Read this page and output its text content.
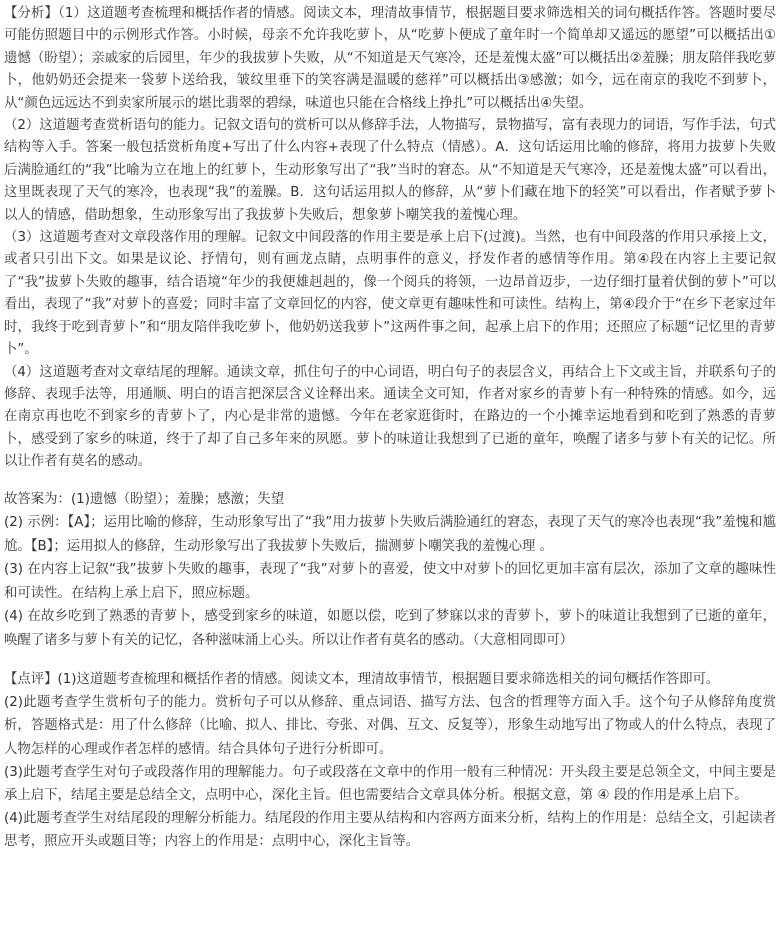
【分析】（1）这道题考查梳理和概括作者的情感。阅读文本，理清故事情节，根据题目要求筛选相关的词句概括作答。答题时要尽可能仿照题目中的示例形式作答。小时候，母亲不允许我吃萝卜，从“吃萝卜便成了童年时一个简单却又遥远的愿望”可以概括出①遗憾（盼望）；亲戚家的后园里，年少的我拔萝卜失败，从“不知道是天气寒冷，还是羞愧太盛”可以概括出②羞臊；朋友陪伴我吃萝卜，他奶奶还会提来一袋萝卜送给我，皱纹里垂下的笑容满是温暖的慈祥”可以概括出③感激；如今，远在南京的我吃不到萝卜，从“颜色远远达不到卖家所展示的堪比翡翠的碧绿，味道也只能在合格线上挣扎”可以概括出④失望。

（2）这道题考查赏析语句的能力。记叙文语句的赏析可以从修辞手法，人物描写，景物描写，富有表现力的词语，写作手法，句式结构等入手。答案一般包括赏析角度+写出了什么内容+表现了什么特点（情感）。A．这句话运用比喻的修辞，将用力拔萝卜失败后满脸通红的“我”比喻为立在地上的红萝卜，生动形象写出了“我”当时的窘态。从“不知道是天气寒冷，还是羞愧太盛”可以看出，这里既表现了天气的寒冷，也表现“我”的羞臊。B．这句话运用拟人的修辞，从“萝卜们藏在地下的轻笑”可以看出，作者赋予萝卜以人的情感，借助想象，生动形象写出了我拔萝卜失败后，想象萝卜嘲笑我的羞愧心理。

（3）这道题考查对文章段落作用的理解。记叙文中间段落的作用主要是承上启下(过渡)。当然，也有中间段落的作用只承接上文，或者只引出下文。如果是议论、抒情句，则有画龙点睛，点明事件的意义，抒发作者的感情等作用。第④段在内容上主要记叙了“我”拔萝卜失败的趣事，结合语境“年少的我便雄赳赳的，像一个阅兵的将领，一边昂首迈步，一边仔细打量着伏倒的萝卜”可以看出，表现了“我”对萝卜的喜爱；同时丰富了文章回忆的内容，使文章更有趣味性和可读性。结构上，第④段介于“在乡下老家过年时，我终于吃到青萝卜”和“朋友陪伴我吃萝卜，他奶奶送我萝卜”这两件事之间，起承上启下的作用；还照应了标题“记忆里的青萝卜”。

（4）这道题考查对文章结尾的理解。通读文章，抓住句子的中心词语，明白句子的表层含义，再结合上下文或主旨，并联系句子的修辞、表现手法等，用通顺、明白的语言把深层含义诠释出来。通读全文可知，作者对家乡的青萝卜有一种特殊的情感。如今，远在南京再也吃不到家乡的青萝卜了，内心是非常的遗憾。今年在老家逛街时，在路边的一个小摊幸运地看到和吃到了熟悉的青萝卜，感受到了家乡的味道，终于了却了自己多年来的夙愿。萝卜的味道让我想到了已逝的童年，唤醒了诸多与萝卜有关的记忆。所以让作者有莫名的感动。

故答案为：(1)遗憾（盼望）；羞臊；感激；失望

(2) 示例：【A】；运用比喻的修辞，生动形象写出了“我”用力拔萝卜失败后满脸通红的窘态，表现了天气的寒冷也表现“我”羞愧和尴尬。【B】；运用拟人的修辞，生动形象写出了我拔萝卜失败后，揣测萝卜嘲笑我的羞愧心理 。

(3) 在内容上记叙“我”拔萝卜失败的趣事，表现了“我”对萝卜的喜爱，使文中对萝卜的回忆更加丰富有层次，添加了文章的趣味性和可读性。在结构上承上启下，照应标题。

(4) 在故乡吃到了熟悉的青萝卜，感受到家乡的味道，如愿以偿，吃到了梦寐以求的青萝卜，萝卜的味道让我想到了已逝的童年，唤醒了诸多与萝卜有关的记忆，各种滋味涌上心头。所以让作者有莫名的感动。（大意相同即可）

【点评】(1)这道题考查梳理和概括作者的情感。阅读文本，理清故事情节，根据题目要求筛选相关的词句概括作答即可。

(2)此题考查学生赏析句子的能力。赏析句子可以从修辞、重点词语、描写方法、包含的哲理等方面入手。这个句子从修辞角度赏析，答题格式是：用了什么修辞（比喻、拟人、排比、夸张、对偶、互文、反复等），形象生动地写出了物或人的什么特点，表现了人物怎样的心理或作者怎样的感情。结合具体句子进行分析即可。

(3)此题考查学生对句子或段落作用的理解能力。句子或段落在文章中的作用一般有三种情况：开头段主要是总领全文，中间主要是承上启下，结尾主要是总结全文，点明中心，深化主旨。但也需要结合文章具体分析。根据文意，第 ④ 段的作用是承上启下。

(4)此题考查学生对结尾段的理解分析能力。结尾段的作用主要从结构和内容两方面来分析，结构上的作用是：总结全文，引起读者思考，照应开头或题目等；内容上的作用是：点明中心，深化主旨等。
